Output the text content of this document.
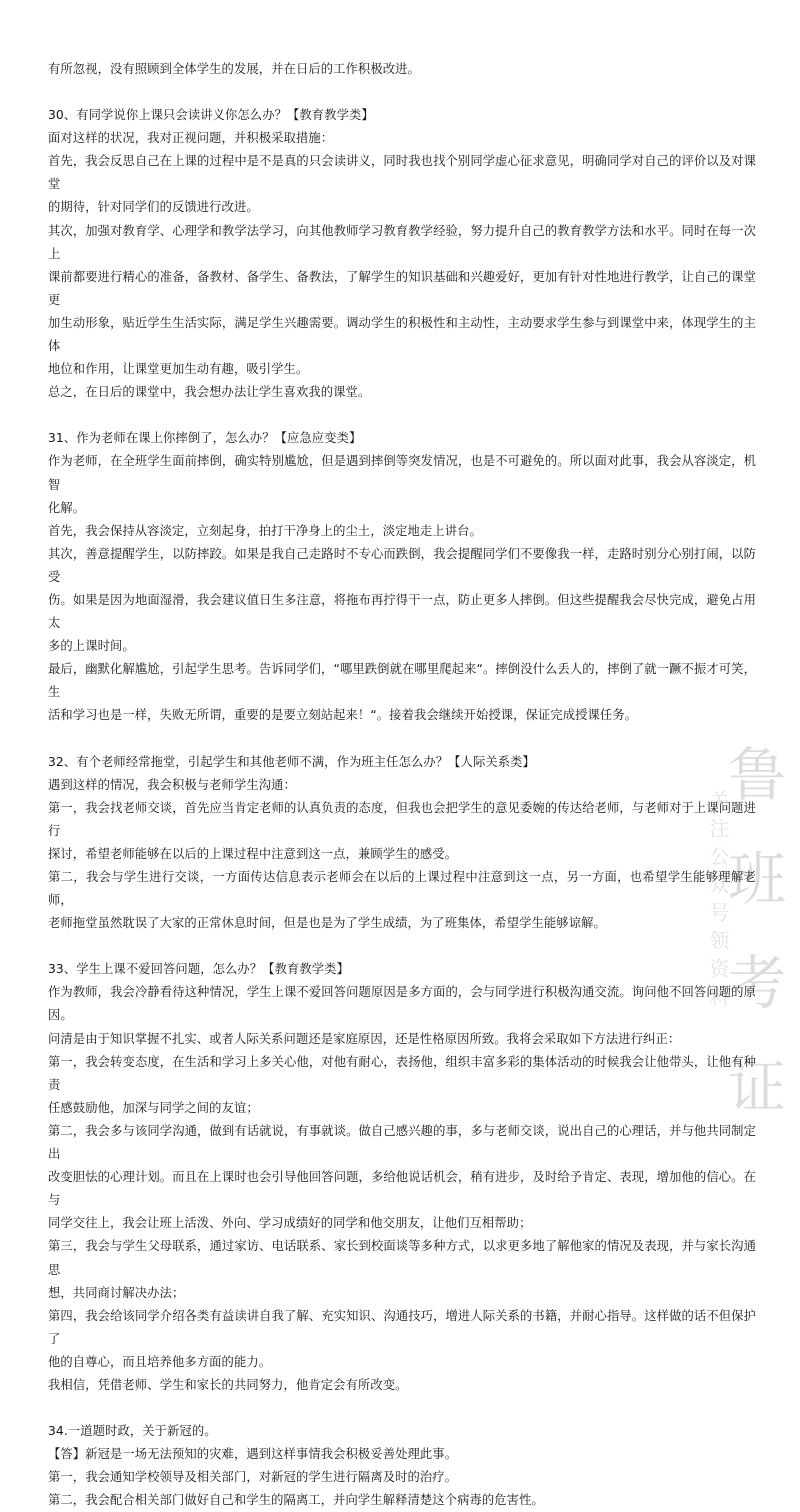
鲁
班
考
证
关注公众号领资料

有所忽视，没有照顾到全体学生的发展，并在日后的工作积极改进。

30、有同学说你上课只会读讲义你怎么办？【教育教学类】

面对这样的状况，我对正视问题，并积极采取措施：

首先，我会反思自己在上课的过程中是不是真的只会读讲义，同时我也找个别同学虚心征求意见，明确同学对自己的评价以及对课堂

的期待，针对同学们的反馈进行改进。

其次，加强对教育学、心理学和教学法学习，向其他教师学习教育教学经验，努力提升自己的教育教学方法和水平。同时在每一次上

课前都要进行精心的准备，备教材、备学生、备教法，了解学生的知识基础和兴趣爱好，更加有针对性地进行教学，让自己的课堂更

加生动形象，贴近学生生活实际，满足学生兴趣需要。调动学生的积极性和主动性，主动要求学生参与到课堂中来，体现学生的主体

地位和作用，让课堂更加生动有趣，吸引学生。

总之，在日后的课堂中，我会想办法让学生喜欢我的课堂。

31、作为老师在课上你摔倒了，怎么办？【应急应变类】

作为老师，在全班学生面前摔倒，确实特别尴尬，但是遇到摔倒等突发情况，也是不可避免的。所以面对此事，我会从容淡定，机智

化解。

首先，我会保持从容淡定，立刻起身，拍打干净身上的尘土，淡定地走上讲台。

其次，善意提醒学生，以防摔跤。如果是我自己走路时不专心而跌倒，我会提醒同学们不要像我一样，走路时别分心别打闹，以防受

伤。如果是因为地面湿滑，我会建议值日生多注意，将拖布再拧得干一点，防止更多人摔倒。但这些提醒我会尽快完成，避免占用太

多的上课时间。

最后，幽默化解尴尬，引起学生思考。告诉同学们，“哪里跌倒就在哪里爬起来“。摔倒没什么丢人的，摔倒了就一蹶不振才可笑，生

活和学习也是一样，失败无所谓，重要的是要立刻站起来！“。接着我会继续开始授课，保证完成授课任务。

32、有个老师经常拖堂，引起学生和其他老师不满，作为班主任怎么办？【人际关系类】

遇到这样的情况，我会积极与老师学生沟通：

第一，我会找老师交谈，首先应当肯定老师的认真负责的态度，但我也会把学生的意见委婉的传达给老师，与老师对于上课问题进行

探讨，希望老师能够在以后的上课过程中注意到这一点，兼顾学生的感受。

第二，我会与学生进行交谈，一方面传达信息表示老师会在以后的上课过程中注意到这一点，另一方面，也希望学生能够理解老师，

老师拖堂虽然耽误了大家的正常休息时间，但是也是为了学生成绩，为了班集体，希望学生能够谅解。

33、学生上课不爱回答问题，怎么办？【教育教学类】

作为教师，我会冷静看待这种情况，学生上课不爱回答问题原因是多方面的，会与同学进行积极沟通交流。询问他不回答问题的原因。

问清是由于知识掌握不扎实、或者人际关系问题还是家庭原因，还是性格原因所致。我将会采取如下方法进行纠正：

第一，我会转变态度，在生活和学习上多关心他，对他有耐心，表扬他，组织丰富多彩的集体活动的时候我会让他带头，让他有种责

任感鼓励他，加深与同学之间的友谊；

第二，我会多与该同学沟通，做到有话就说，有事就谈。做自己感兴趣的事，多与老师交谈，说出自己的心理话，并与他共同制定出

改变胆怯的心理计划。而且在上课时也会引导他回答问题，多给他说话机会，稍有进步，及时给予肯定、表现，增加他的信心。在与

同学交往上，我会让班上活泼、外向、学习成绩好的同学和他交朋友，让他们互相帮助；

第三，我会与学生父母联系，通过家访、电话联系、家长到校面谈等多种方式，以求更多地了解他家的情况及表现，并与家长沟通思

想，共同商讨解决办法；

第四，我会给该同学介绍各类有益读讲自我了解、充实知识、沟通技巧，增进人际关系的书籍，并耐心指导。这样做的话不但保护了

他的自尊心，而且培养他多方面的能力。

我相信，凭借老师、学生和家长的共同努力，他肯定会有所改变。

34.一道题时政，关于新冠的。

【答】新冠是一场无法预知的灾难，遇到这样事情我会积极妥善处理此事。

第一，我会通知学校领导及相关部门，对新冠的学生进行隔离及时的治疗。

第二，我会配合相关部门做好自己和学生的隔离工，并向学生解释清楚这个病毒的危害性。
